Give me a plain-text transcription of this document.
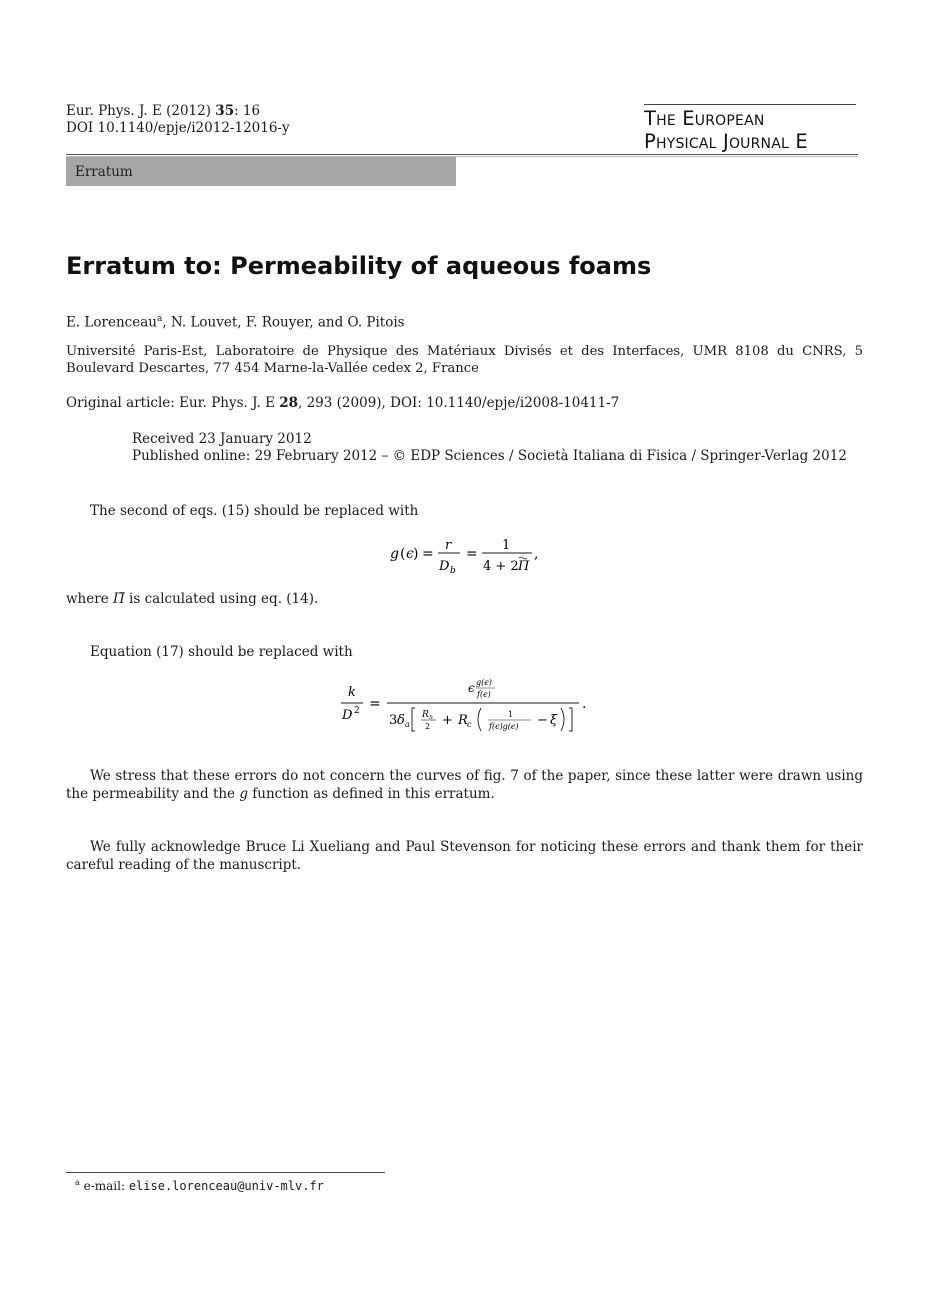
Eur. Phys. J. E (2012) 35: 16
DOI 10.1140/epje/i2012-12016-y	The European
Physical Journal E
Erratum
Erratum to: Permeability of aqueous foams
E. Lorenceau$^a$, N. Louvet, F. Rouyer, and O. Pitois
Université Paris-Est, Laboratoire de Physique des Matériaux Divisés et des Interfaces, UMR 8108 du CNRS, 5 Boulevard Descartes, 77 454 Marne-la-Vallée cedex 2, France
Original article: Eur. Phys. J. E 28, 293 (2009), DOI: 10.1140/epje/i2008-10411-7
Received 23 January 2012
Published online: 29 February 2012 – © EDP Sciences / Società Italiana di Fisica / Springer-Verlag 2012
The second of eqs. (15) should be replaced with
g ( ϵ ) =
r
D b
=
1
4 + 2 Π
,
where Π̃ is calculated using eq. (14).
Equation (17) should be replaced with
k
D 2 =
ϵ g(ϵ)
f(ϵ)
3 δ a
R n
2 + R c
1
f(ϵ)g(ϵ) − ξ
.
We stress that these errors do not concern the curves of fig. 7 of the paper, since these latter were drawn using the permeability and the g function as defined in this erratum.
We fully acknowledge Bruce Li Xueliang and Paul Stevenson for noticing these errors and thank them for their careful reading of the manuscript.
$^a$ e-mail: elise.lorenceau@univ-mlv.fr
